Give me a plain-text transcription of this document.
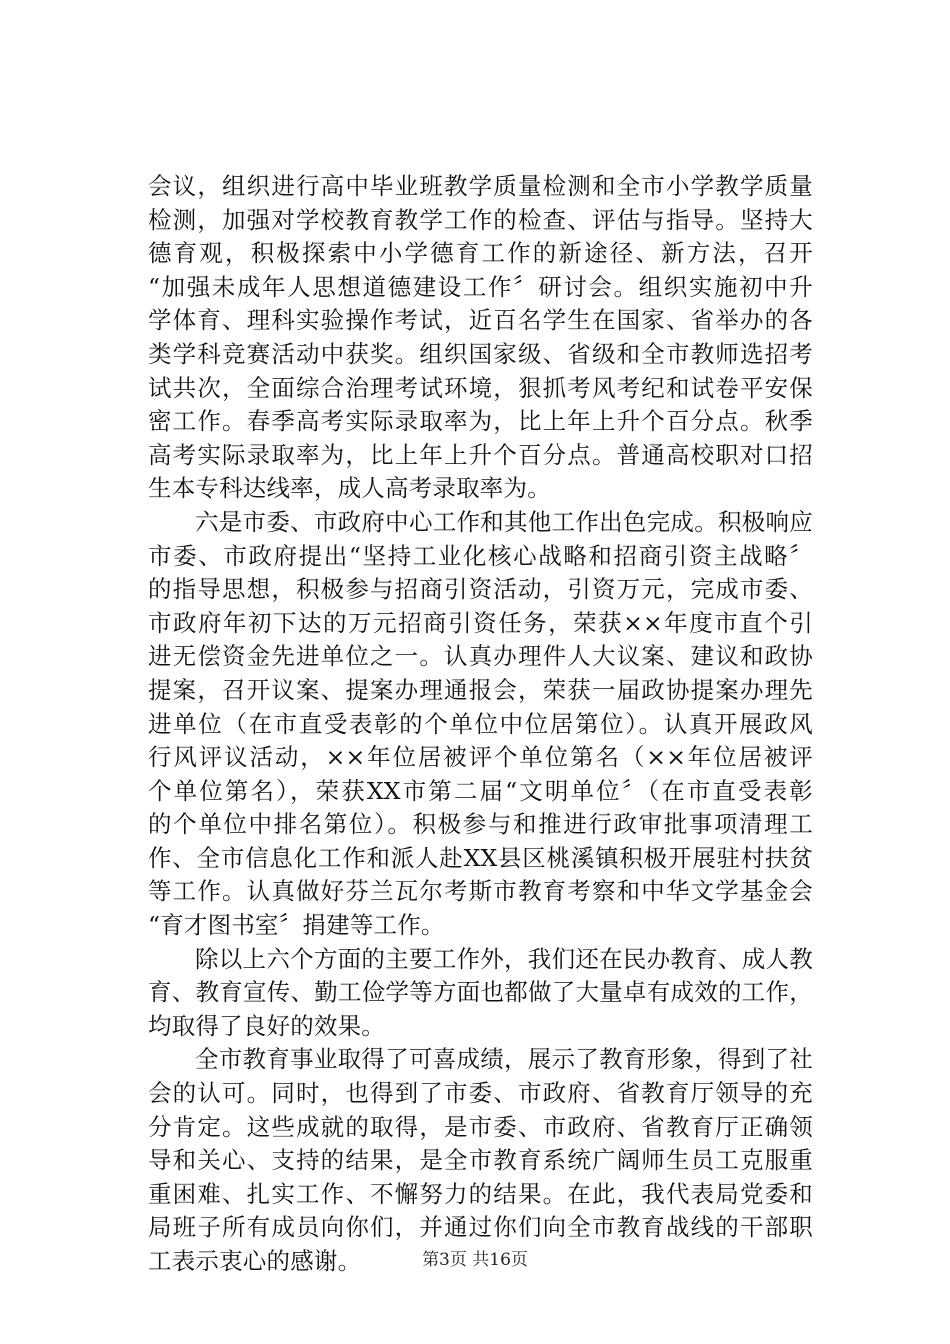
会议，组织进行高中毕业班教学质量检测和全市小学教学质量
检测，加强对学校教育教学工作的检查、评估与指导。坚持大
德育观，积极探索中小学德育工作的新途径、新方法，召开
“加强未成年人思想道德建设工作〞研讨会。组织实施初中升
学体育、理科实验操作考试，近百名学生在国家、省举办的各
类学科竞赛活动中获奖。组织国家级、省级和全市教师选招考
试共次，全面综合治理考试环境，狠抓考风考纪和试卷平安保
密工作。春季高考实际录取率为，比上年上升个百分点。秋季
高考实际录取率为，比上年上升个百分点。普通高校职对口招
生本专科达线率，成人高考录取率为。
六是市委、市政府中心工作和其他工作出色完成。积极响应
市委、市政府提出“坚持工业化核心战略和招商引资主战略〞
的指导思想，积极参与招商引资活动，引资万元，完成市委、
市政府年初下达的万元招商引资任务，荣获××年度市直个引
进无偿资金先进单位之一。认真办理件人大议案、建议和政协
提案，召开议案、提案办理通报会，荣获一届政协提案办理先
进单位（在市直受表彰的个单位中位居第位）。认真开展政风
行风评议活动，××年位居被评个单位第名（××年位居被评
个单位第名），荣获XX市第二届“文明单位〞（在市直受表彰
的个单位中排名第位）。积极参与和推进行政审批事项清理工
作、全市信息化工作和派人赴XX县区桃溪镇积极开展驻村扶贫
等工作。认真做好芬兰瓦尔考斯市教育考察和中华文学基金会
“育才图书室〞捐建等工作。
除以上六个方面的主要工作外，我们还在民办教育、成人教
育、教育宣传、勤工俭学等方面也都做了大量卓有成效的工作，
均取得了良好的效果。
全市教育事业取得了可喜成绩，展示了教育形象，得到了社
会的认可。同时，也得到了市委、市政府、省教育厅领导的充
分肯定。这些成就的取得，是市委、市政府、省教育厅正确领
导和关心、支持的结果，是全市教育系统广阔师生员工克服重
重困难、扎实工作、不懈努力的结果。在此，我代表局党委和
局班子所有成员向你们，并通过你们向全市教育战线的干部职
工表示衷心的感谢。	第3页 共16页
